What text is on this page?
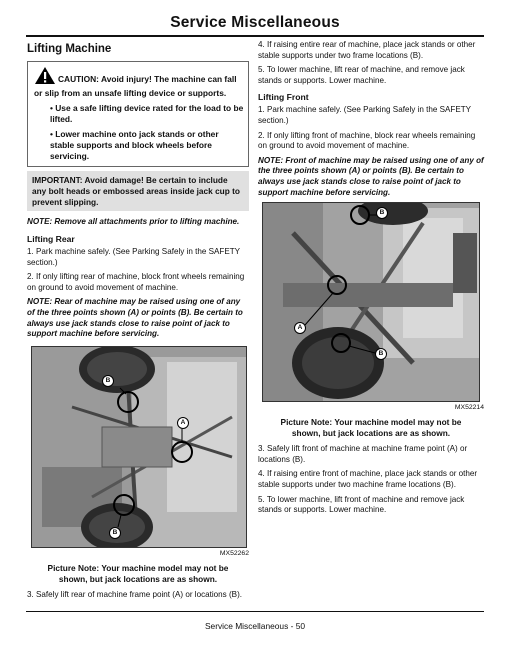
Service Miscellaneous
Lifting Machine
CAUTION: Avoid injury! The machine can fall or slip from an unsafe lifting device or supports.
• Use a safe lifting device rated for the load to be lifted.
• Lower machine onto jack stands or other stable supports and block wheels before servicing.
IMPORTANT: Avoid damage! Be certain to include any bolt heads or embossed areas inside jack cup to prevent slipping.
NOTE: Remove all attachments prior to lifting machine.
Lifting Rear

1. Park machine safely. (See Parking Safely in the SAFETY section.)

2. If only lifting rear of machine, block front wheels remaining on ground to avoid movement of machine.

NOTE: Rear of machine may be raised using one of any of the three points shown (A) or points (B). Be certain to always use jack stands close to raise point of jack to support machine before servicing.
B
A
B
MX52262
Picture Note: Your machine model may not be shown, but jack locations are as shown.

3. Safely lift rear of machine frame point (A) or locations (B).

4. If raising entire rear of machine, place jack stands or other stable supports under two frame locations (B).

5. To lower machine, lift rear of machine, and remove jack stands or supports. Lower machine.

Lifting Front

1. Park machine safely. (See Parking Safely in the SAFETY section.)

2. If only lifting front of machine, block rear wheels remaining on ground to avoid movement of machine.

NOTE: Front of machine may be raised using one of any of the three points shown (A) or points (B). Be certain to always use jack stands close to raise point of jack to support machine before servicing.
B
A
B
MX52214
Picture Note: Your machine model may not be shown, but jack locations are as shown.

3. Safely lift front of machine at machine frame point (A) or locations (B).

4. If raising entire front of machine, place jack stands or other stable supports under two machine frame locations (B).

5. To lower machine, lift front of machine and remove jack stands or supports. Lower machine.

Service Miscellaneous - 50
